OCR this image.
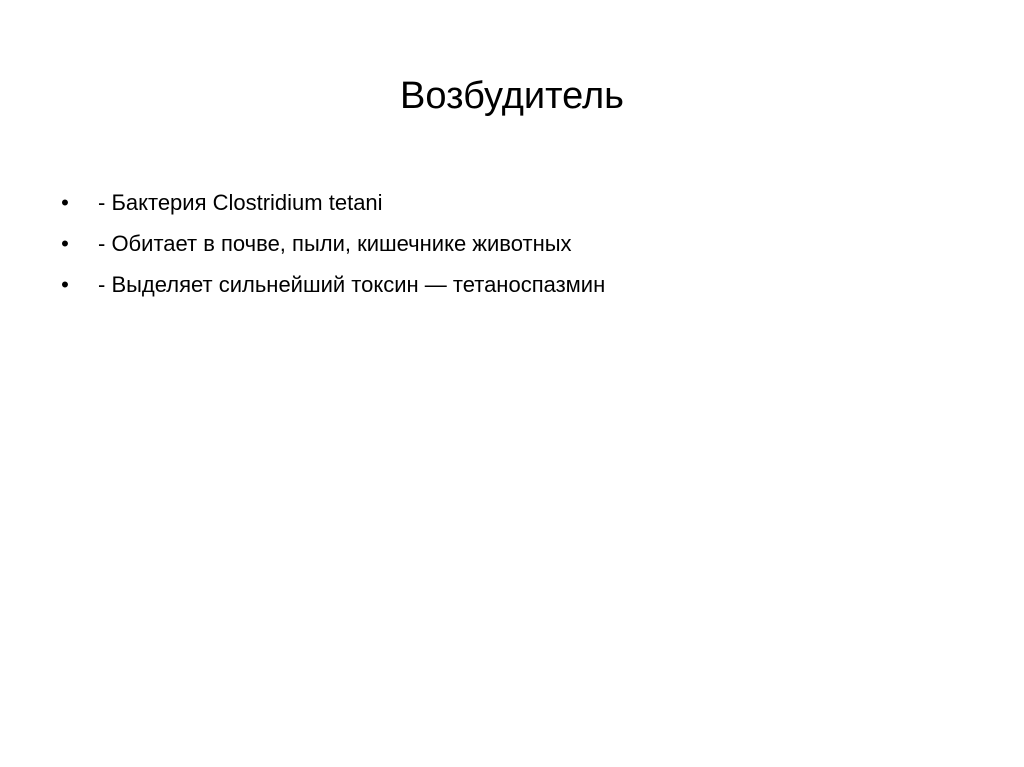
Возбудитель
• - Бактерия Clostridium tetani
• - Обитает в почве, пыли, кишечнике животных
• - Выделяет сильнейший токсин — тетаноспазмин
